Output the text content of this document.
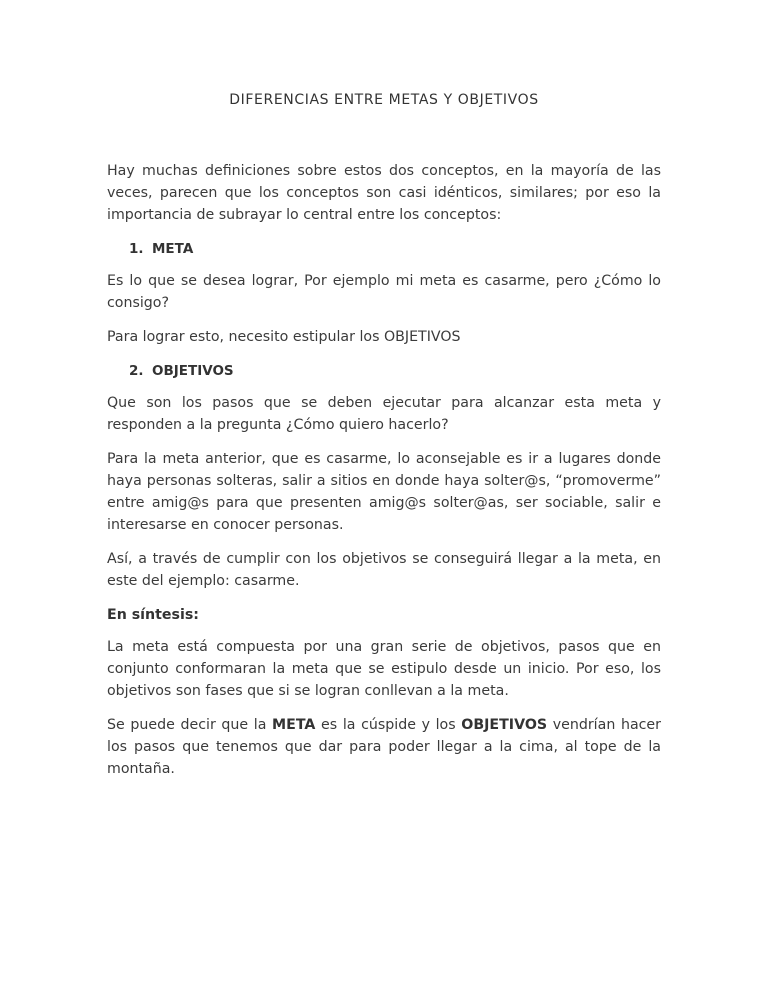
DIFERENCIAS ENTRE METAS Y OBJETIVOS

Hay muchas definiciones sobre estos dos conceptos, en la mayoría de las veces, parecen que los conceptos son casi idénticos, similares; por eso la importancia de subrayar lo central entre los conceptos:

1. META

Es lo que se desea lograr, Por ejemplo mi meta es casarme, pero ¿Cómo lo consigo?

Para lograr esto, necesito estipular los OBJETIVOS

2. OBJETIVOS

Que son los pasos que se deben ejecutar para alcanzar esta meta y responden a la pregunta ¿Cómo quiero hacerlo?

Para la meta anterior, que es casarme, lo aconsejable es ir a lugares donde haya personas solteras, salir a sitios en donde haya solter@s, “promoverme” entre amig@s para que presenten amig@s solter@as, ser sociable, salir e interesarse en conocer personas.

Así, a través de cumplir con los objetivos se conseguirá llegar a la meta, en este del ejemplo: casarme.

En síntesis:

La meta está compuesta por una gran serie de objetivos, pasos que en conjunto conformaran la meta que se estipulo desde un inicio. Por eso, los objetivos son fases que si se logran conllevan a la meta.

Se puede decir que la META es la cúspide y los OBJETIVOS vendrían hacer los pasos que tenemos que dar para poder llegar a la cima, al tope de la montaña.
